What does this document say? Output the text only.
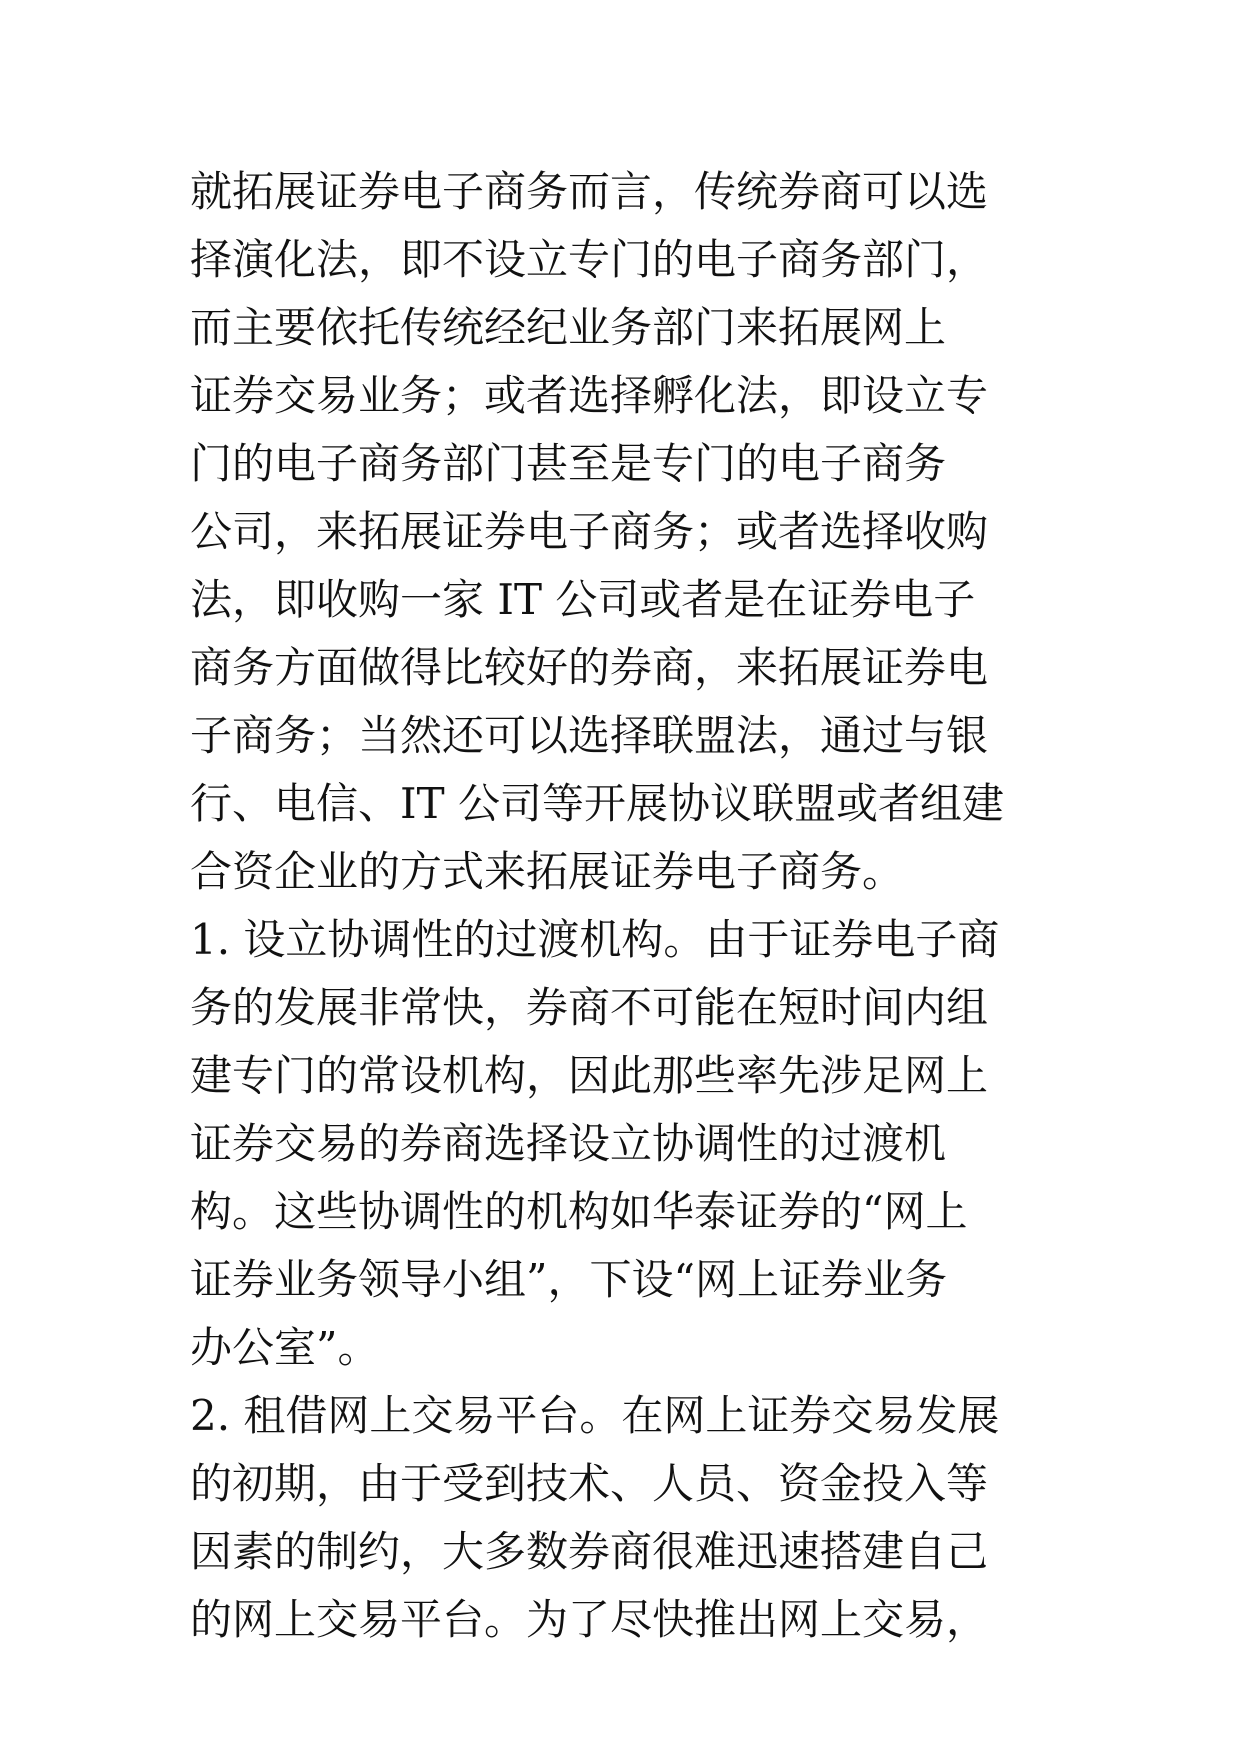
就拓展证券电子商务而言，传统券商可以选
择演化法，即不设立专门的电子商务部门，
而主要依托传统经纪业务部门来拓展网上
证券交易业务；或者选择孵化法，即设立专
门的电子商务部门甚至是专门的电子商务
公司，来拓展证券电子商务；或者选择收购
法，即收购一家 IT 公司或者是在证券电子
商务方面做得比较好的券商，来拓展证券电
子商务；当然还可以选择联盟法，通过与银
行、电信、IT 公司等开展协议联盟或者组建
合资企业的方式来拓展证券电子商务。
1. 设立协调性的过渡机构。由于证券电子商
务的发展非常快，券商不可能在短时间内组
建专门的常设机构，因此那些率先涉足网上
证券交易的券商选择设立协调性的过渡机
构。这些协调性的机构如华泰证券的“网上
证券业务领导小组”，下设“网上证券业务
办公室”。
2. 租借网上交易平台。在网上证券交易发展
的初期，由于受到技术、人员、资金投入等
因素的制约，大多数券商很难迅速搭建自己
的网上交易平台。为了尽快推出网上交易，
